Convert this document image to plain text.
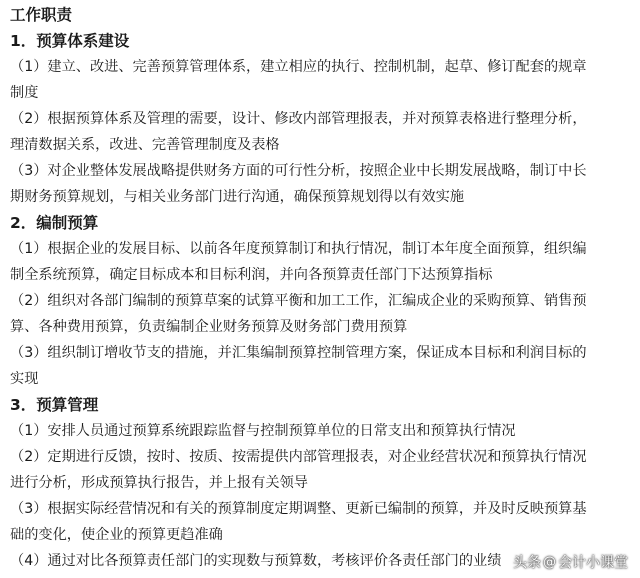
工作职责
1．预算体系建设
（1）建立、改进、完善预算管理体系，建立相应的执行、控制机制，起草、修订配套的规章
制度
（2）根据预算体系及管理的需要，设计、修改内部管理报表，并对预算表格进行整理分析，
理清数据关系，改进、完善管理制度及表格
（3）对企业整体发展战略提供财务方面的可行性分析，按照企业中长期发展战略，制订中长
期财务预算规划，与相关业务部门进行沟通，确保预算规划得以有效实施
2．编制预算
（1）根据企业的发展目标、以前各年度预算制订和执行情况，制订本年度全面预算，组织编
制全系统预算，确定目标成本和目标利润，并向各预算责任部门下达预算指标
（2）组织对各部门编制的预算草案的试算平衡和加工工作，汇编成企业的采购预算、销售预
算、各种费用预算，负责编制企业财务预算及财务部门费用预算
（3）组织制订增收节支的措施，并汇集编制预算控制管理方案，保证成本目标和利润目标的
实现
3．预算管理
（1）安排人员通过预算系统跟踪监督与控制预算单位的日常支出和预算执行情况
（2）定期进行反馈，按时、按质、按需提供内部管理报表，对企业经营状况和预算执行情况
进行分析，形成预算执行报告，并上报有关领导
（3）根据实际经营情况和有关的预算制度定期调整、更新已编制的预算，并及时反映预算基
础的变化，使企业的预算更趋准确
（4）通过对比各预算责任部门的实现数与预算数，考核评价各责任部门的业绩 头条 @ 会计小课堂
